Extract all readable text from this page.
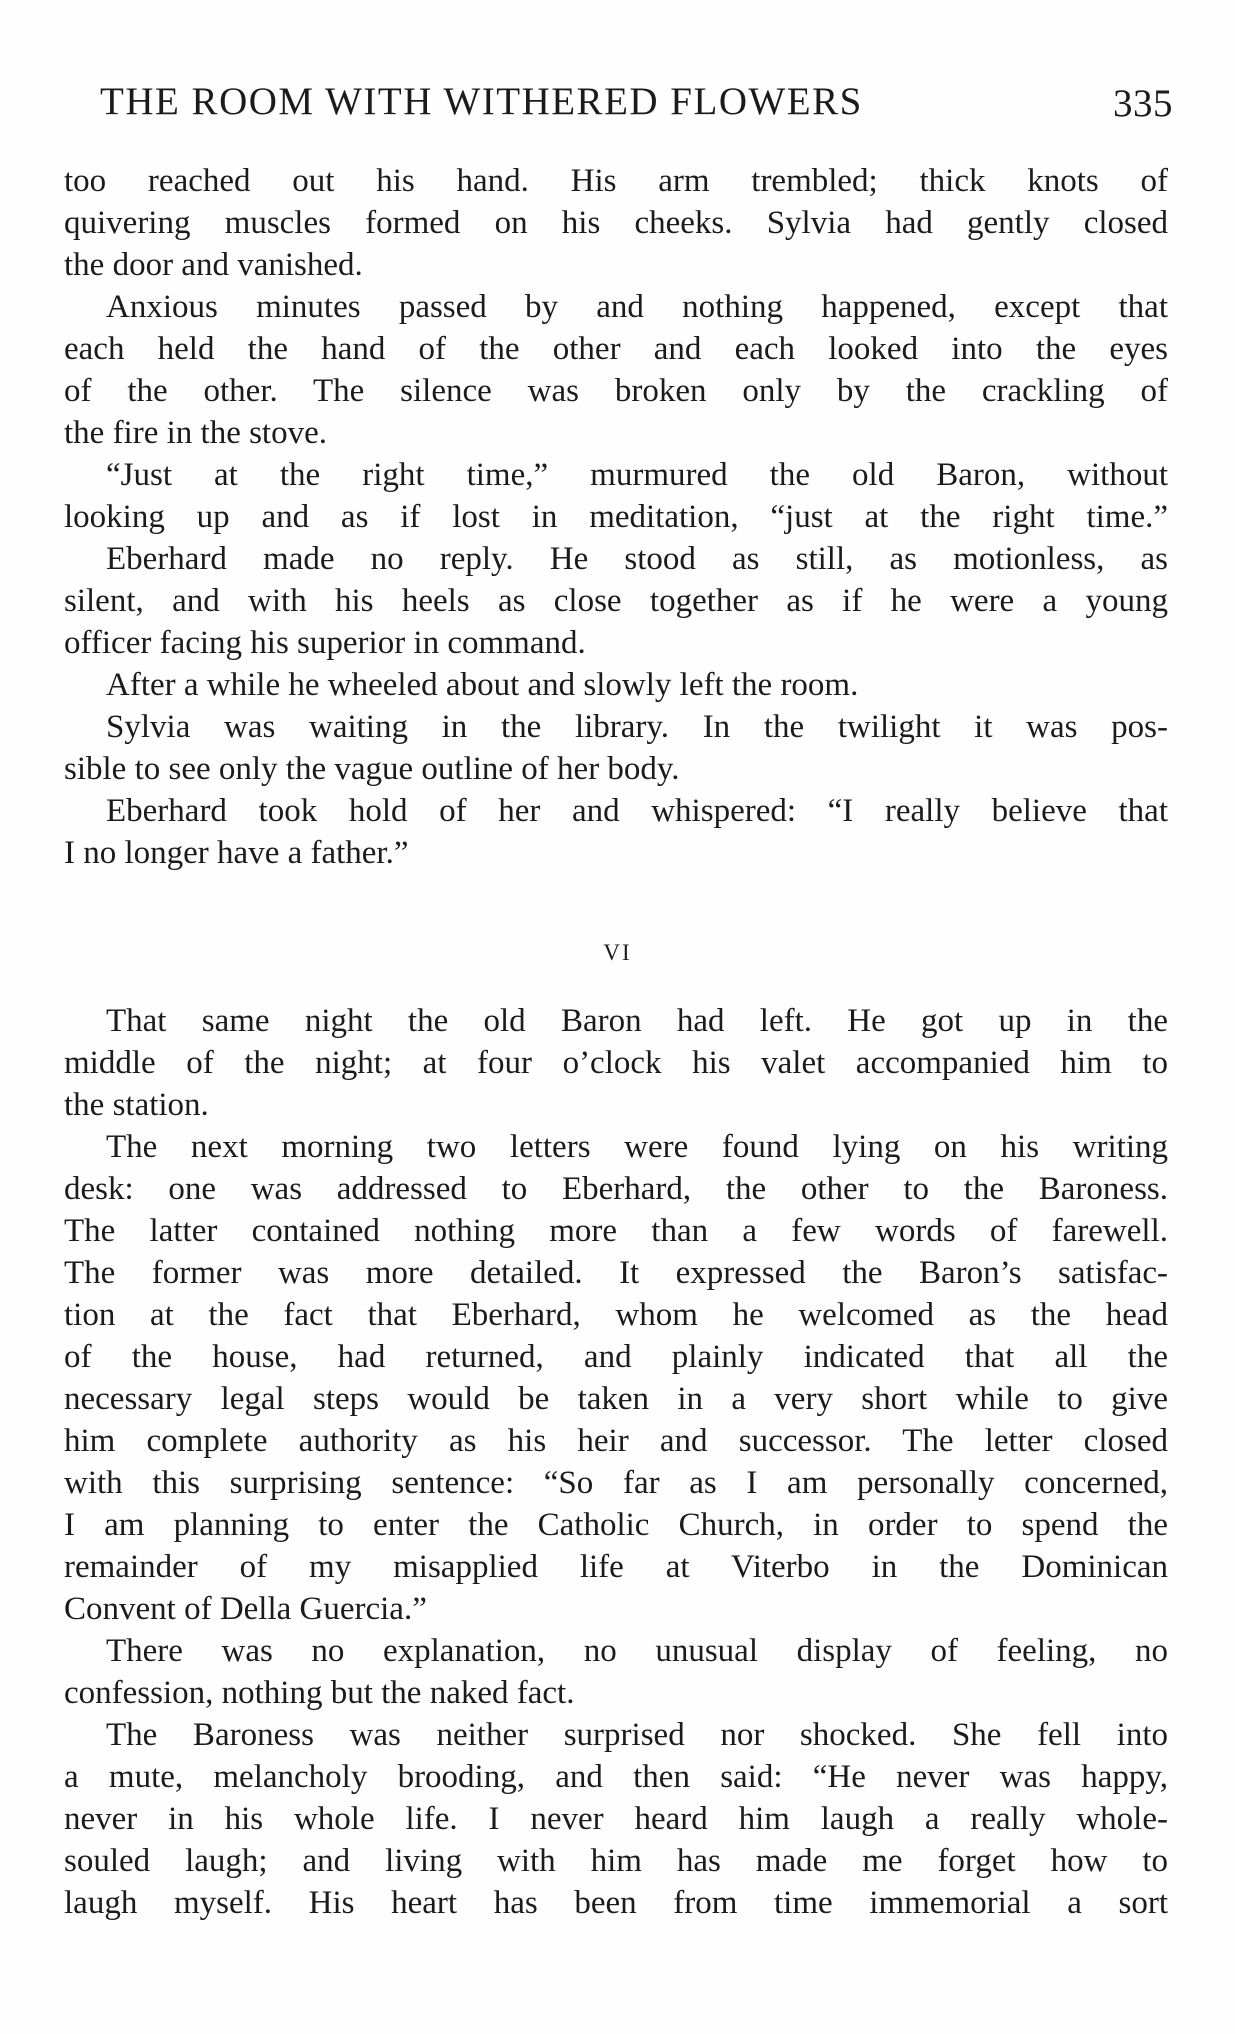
THE ROOM WITH WITHERED FLOWERS	335
too reached out his hand. His arm trembled; thick knots of
quivering muscles formed on his cheeks. Sylvia had gently closed
the door and vanished.
Anxious minutes passed by and nothing happened, except that
each held the hand of the other and each looked into the eyes
of the other. The silence was broken only by the crackling of
the fire in the stove.
“Just at the right time,” murmured the old Baron, without
looking up and as if lost in meditation, “just at the right time.”
Eberhard made no reply. He stood as still, as motionless, as
silent, and with his heels as close together as if he were a young
officer facing his superior in command.
After a while he wheeled about and slowly left the room.
Sylvia was waiting in the library. In the twilight it was pos-
sible to see only the vague outline of her body.
Eberhard took hold of her and whispered: “I really believe that
I no longer have a father.”
VI
That same night the old Baron had left. He got up in the
middle of the night; at four o’clock his valet accompanied him to
the station.
The next morning two letters were found lying on his writing
desk: one was addressed to Eberhard, the other to the Baroness.
The latter contained nothing more than a few words of farewell.
The former was more detailed. It expressed the Baron’s satisfac-
tion at the fact that Eberhard, whom he welcomed as the head
of the house, had returned, and plainly indicated that all the
necessary legal steps would be taken in a very short while to give
him complete authority as his heir and successor. The letter closed
with this surprising sentence: “So far as I am personally concerned,
I am planning to enter the Catholic Church, in order to spend the
remainder of my misapplied life at Viterbo in the Dominican
Convent of Della Guercia.”
There was no explanation, no unusual display of feeling, no
confession, nothing but the naked fact.
The Baroness was neither surprised nor shocked. She fell into
a mute, melancholy brooding, and then said: “He never was happy,
never in his whole life. I never heard him laugh a really whole-
souled laugh; and living with him has made me forget how to
laugh myself. His heart has been from time immemorial a sort
